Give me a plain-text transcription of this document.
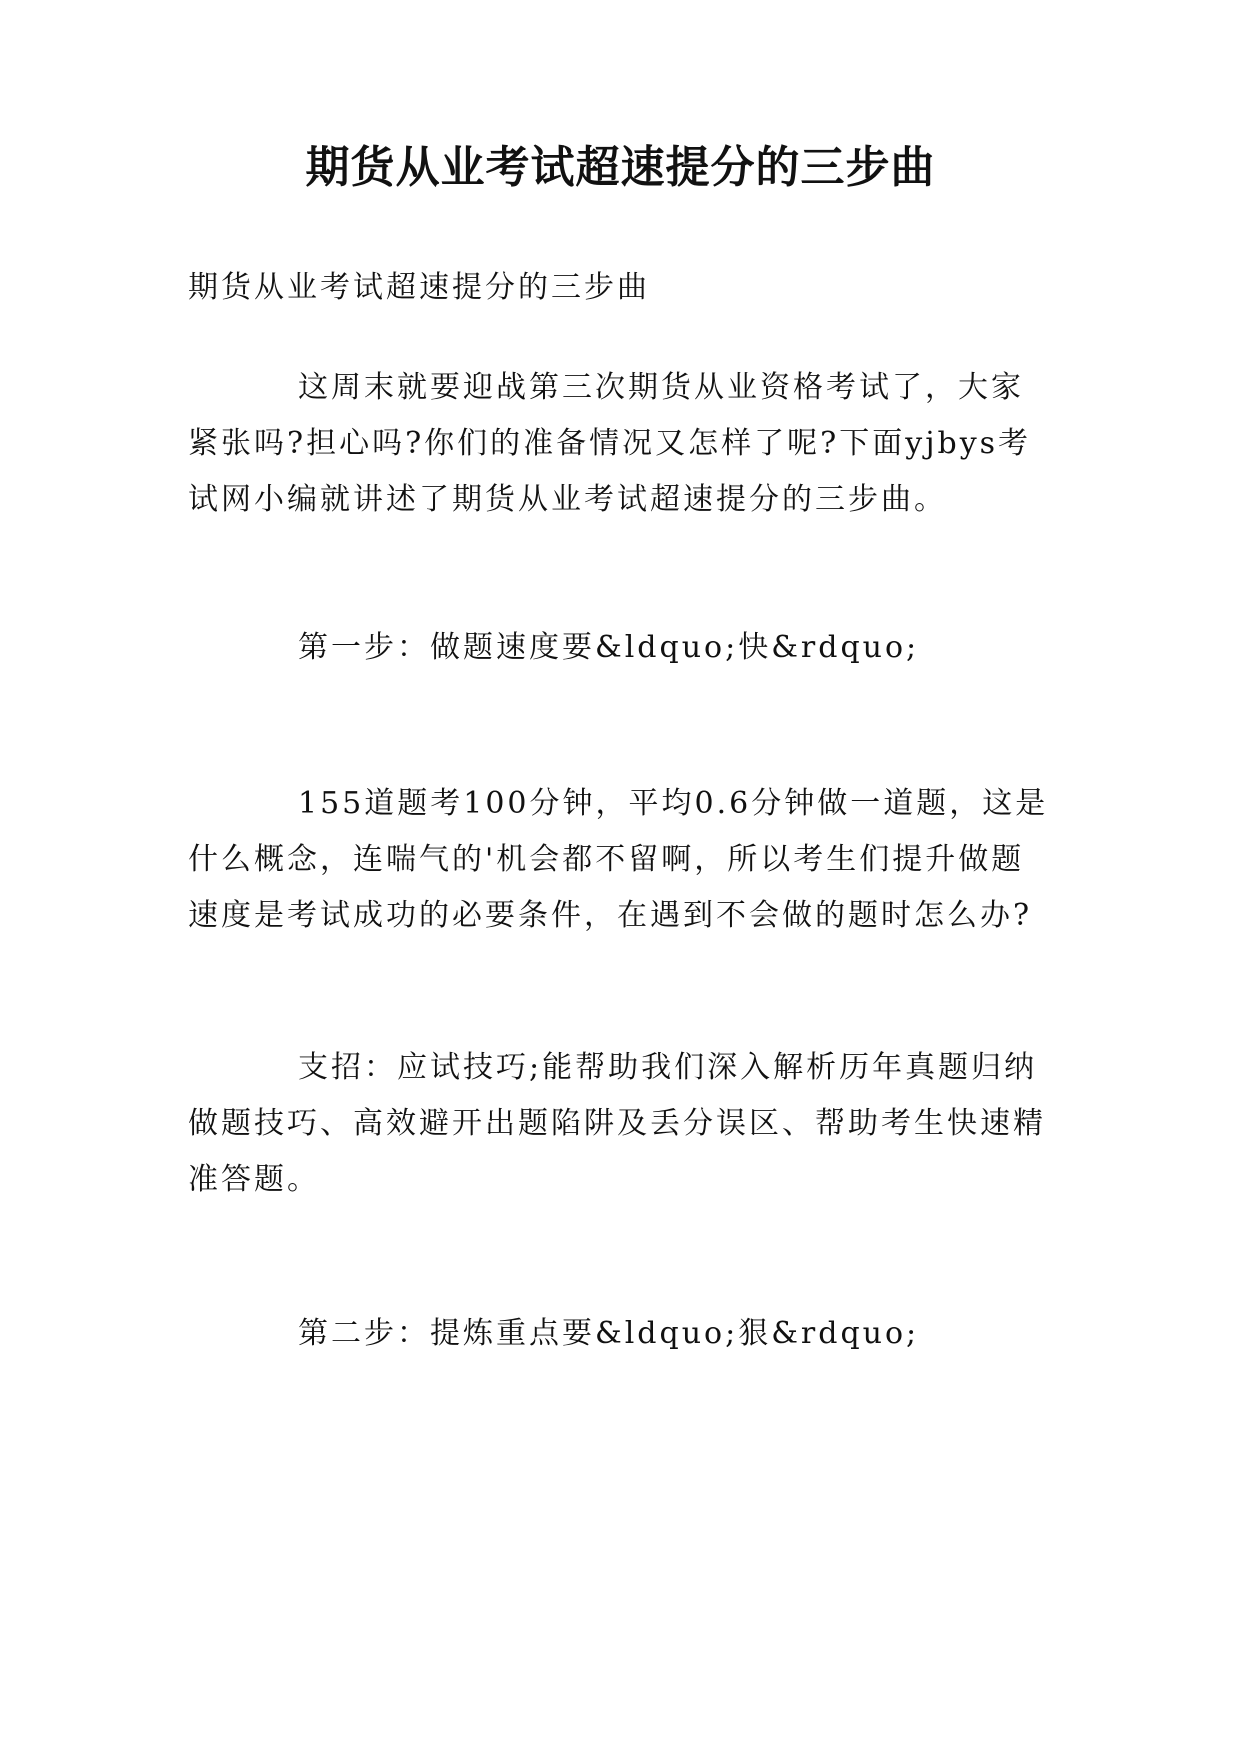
期货从业考试超速提分的三步曲

期货从业考试超速提分的三步曲

这周末就要迎战第三次期货从业资格考试了，大家紧张吗?担心吗?你们的准备情况又怎样了呢?下面yjbys考试网小编就讲述了期货从业考试超速提分的三步曲。

第一步：做题速度要&ldquo;快&rdquo;

155道题考100分钟，平均0.6分钟做一道题，这是什么概念，连喘气的'机会都不留啊，所以考生们提升做题速度是考试成功的必要条件，在遇到不会做的题时怎么办?

支招：应试技巧;能帮助我们深入解析历年真题归纳做题技巧、高效避开出题陷阱及丢分误区、帮助考生快速精准答题。

第二步：提炼重点要&ldquo;狠&rdquo;
